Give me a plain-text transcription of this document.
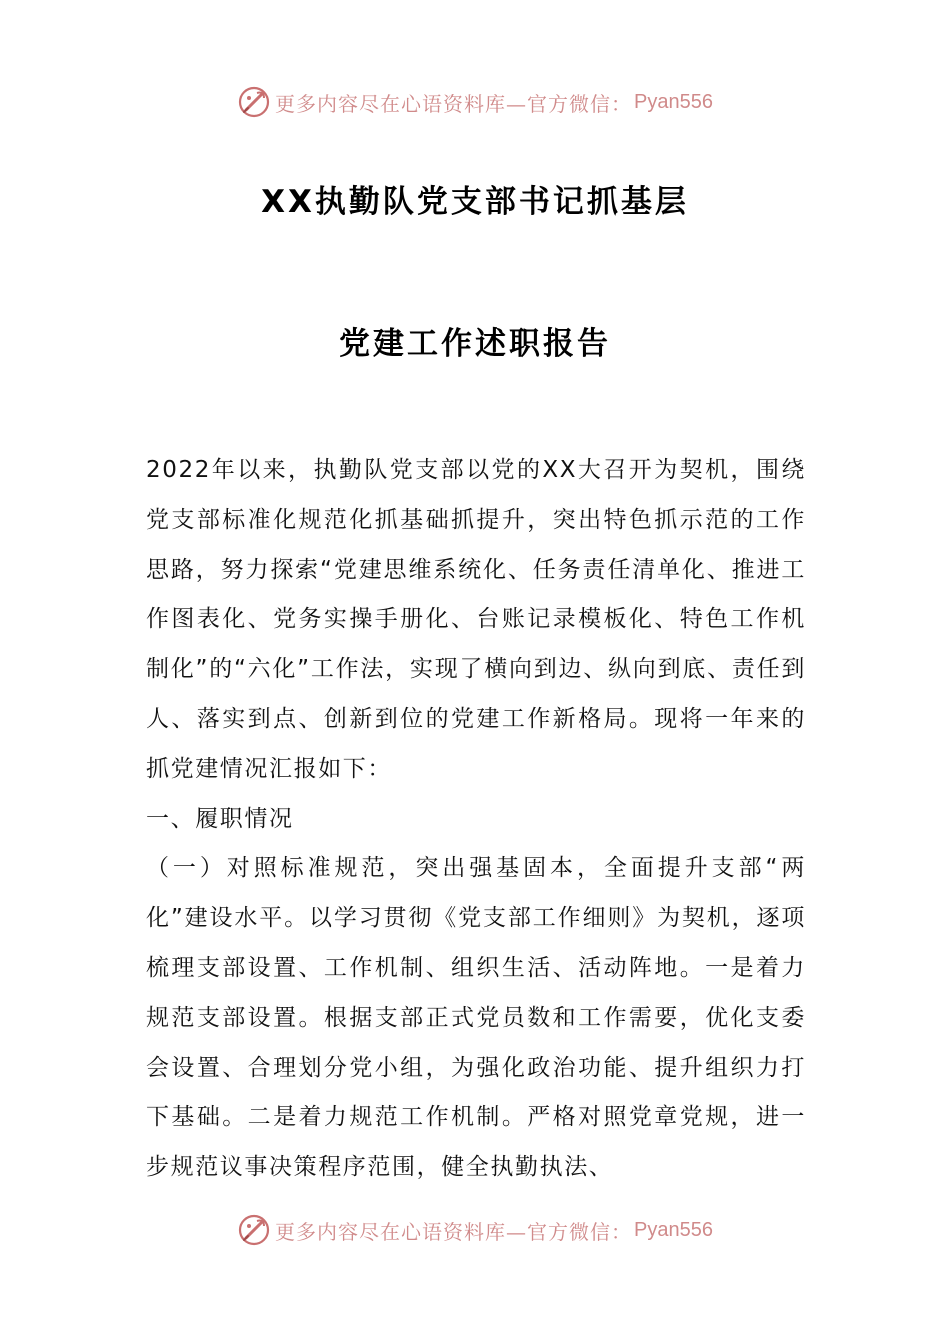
更多内容尽在心语资料库 —官方微信： Pyan556
XX执勤队党支部书记抓基层
党建工作述职报告

2022年以来，执勤队党支部以党的XX大召开为契机，围绕党支部标准化规范化抓基础抓提升，突出特色抓示范的工作思路，努力探索“党建思维系统化、任务责任清单化、推进工作图表化、党务实操手册化、台账记录模板化、特色工作机制化”的“六化”工作法，实现了横向到边、纵向到底、责任到人、落实到点、创新到位的党建工作新格局。现将一年来的抓党建情况汇报如下：

一、履职情况

（一）对照标准规范，突出强基固本，全面提升支部“两化”建设水平。以学习贯彻《党支部工作细则》为契机，逐项梳理支部设置、工作机制、组织生活、活动阵地。一是着力规范支部设置。根据支部正式党员数和工作需要，优化支委会设置、合理划分党小组，为强化政治功能、提升组织力打下基础。二是着力规范工作机制。严格对照党章党规，进一步规范议事决策程序范围，健全执勤执法、

更多内容尽在心语资料库 —官方微信： Pyan556
